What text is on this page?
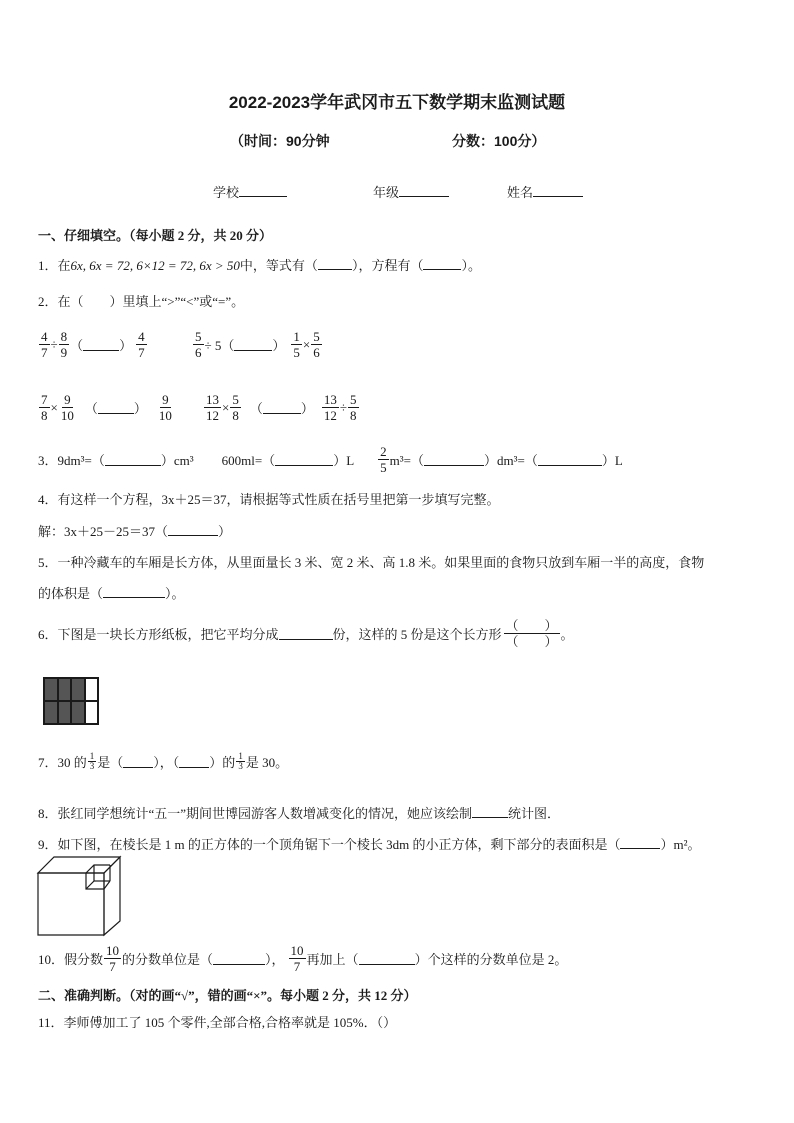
2022-2023学年武冈市五下数学期末监测试题
（时间：90分钟	分数：100分）
学校	年级	姓名
一、仔细填空。（每小题 2 分，共 20 分）
1．在6x, 6x = 72, 6×12 = 72, 6x > 50中，等式有（	），方程有（	）。
2．在（　　）里填上“>”“<”或“=”。
$\frac{4}{7} \div \frac{8}{9}$ （	） $\frac{4}{7}$	$\frac{5}{6} \div 5$（	） $\frac{1}{5} \times \frac{5}{6}$
$\frac{7}{8} \times \frac{9}{10}$ （	） $\frac{9}{10} \frac{13}{12} \times \frac{5}{8}$ （	） $\frac{13}{12} \div \frac{5}{8}$
3．9dm³=（	）cm³ 600ml=（	）$L \frac{2}{5} m^3=$（	）dm³=（	）L
4．有这样一个方程，3x＋25＝37，请根据等式性质在括号里把第一步填写完整。
解：3x＋25－25＝37（	）
5．一种冷藏车的车厢是长方体，从里面量长 3 米、宽 2 米、高 1.8 米。如果里面的食物只放到车厢一半的高度，食物
的体积是（	）。
6．下图是一块长方形纸板，把它平均分成	份，这样的 5 份是这个长方形 $\frac{( )}{( )}$ 。
7．30 的 $\frac{1}{3}$ 是（ ），（ ）的 $\frac{1}{3}$ 是 30。
8．张红同学想统计“五一”期间世博园游客人数增减变化的情况，她应该绘制	统计图．
9．如下图，在棱长是 1 m 的正方体的一个顶角锯下一个棱长 3dm 的小正方体，剩下部分的表面积是（	）m²。
10．假分数 $\frac{10}{7}$ 的分数单位是（	）， $\frac{10}{7}$ 再加上（	）个这样的分数单位是 2。
二、准确判断。（对的画“√”，错的画“×”。每小题 2 分，共 12 分）
11．李师傅加工了 105 个零件,全部合格,合格率就是 105%．（）
